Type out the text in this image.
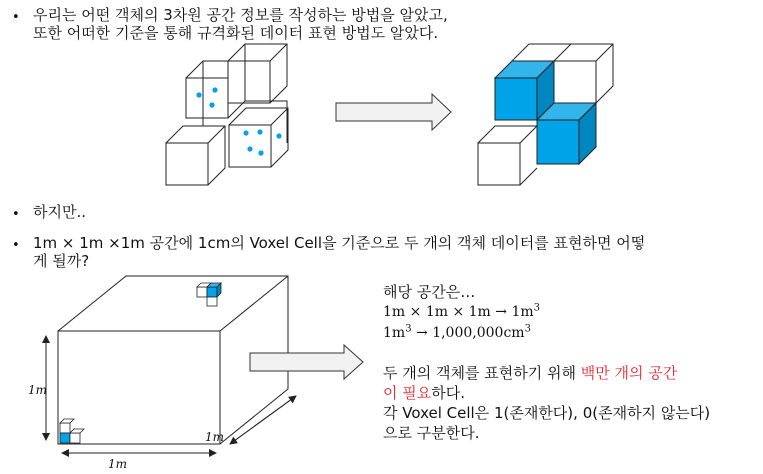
• 우리는 어떤 객체의 3차원 공간 정보를 작성하는 방법을 알았고,
또한 어떠한 기준을 통해 규격화된 데이터 표현 방법도 알았다.
• 하지만..
• 1m × 1m ×1m 공간에 1cm의 Voxel Cell을 기준으로 두 개의 객체 데이터를 표현하면 어떻
게 될까?
1m
1m
1m
해당 공간은…
$1m \times 1m \times 1m \to 1m^3$
$1m^3 \to 1,000,000cm^3$
두 개의 객체를 표현하기 위해 백만 개의 공간
이 필요하다.
각 Voxel Cell은 1(존재한다), 0(존재하지 않는다)
으로 구분한다.
